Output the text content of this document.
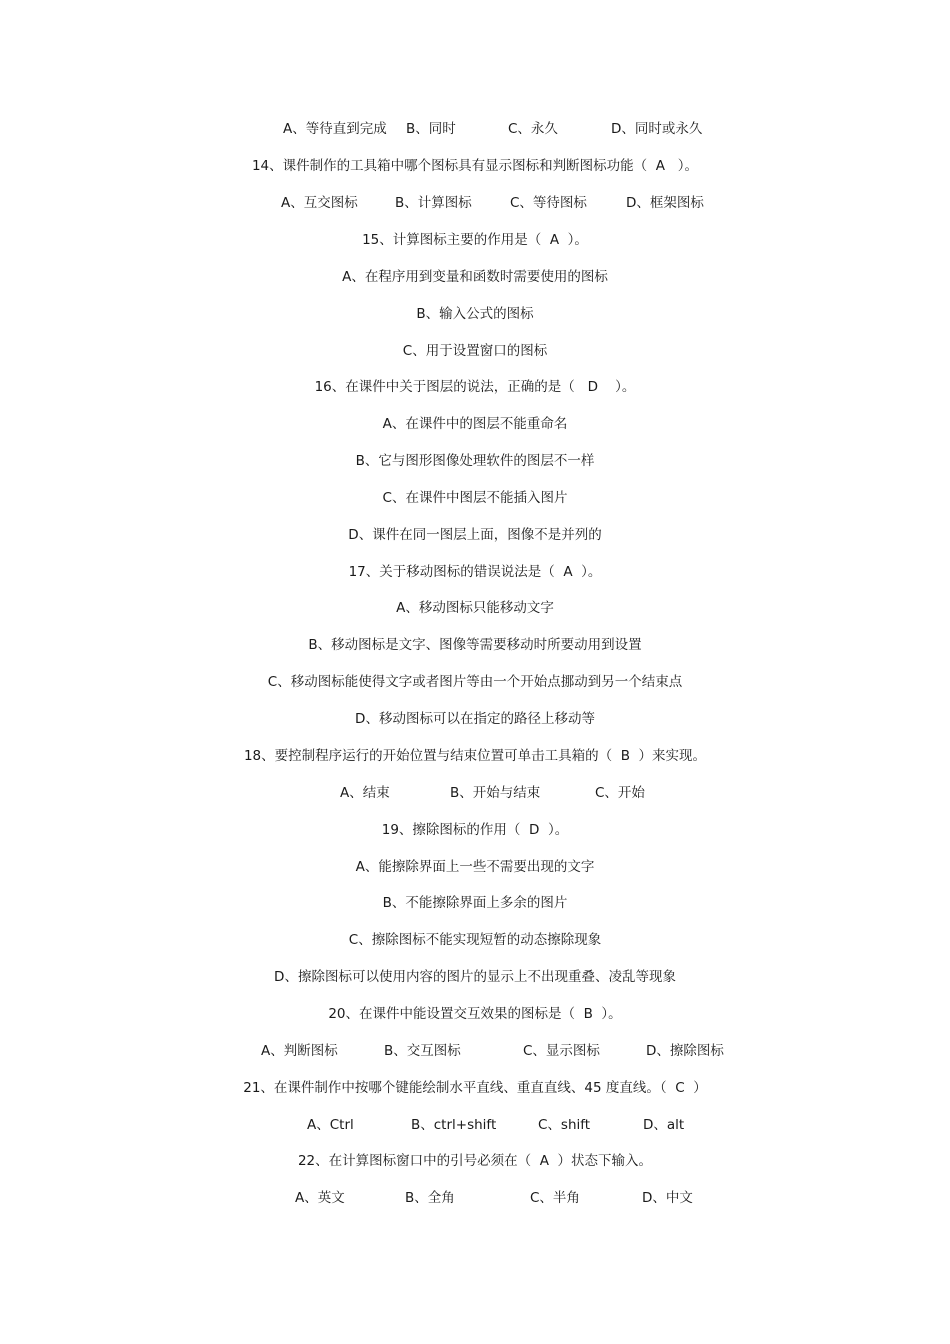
A、等待直到完成 B、同时	C、永久	D、同时或永久
14、课件制作的工具箱中哪个图标具有显示图标和判断图标功能（  A   ）。
A、互交图标	B、计算图标	C、等待图标	D、框架图标
15、计算图标主要的作用是（  A  ）。
A、在程序用到变量和函数时需要使用的图标
B、输入公式的图标
C、用于设置窗口的图标
16、在课件中关于图层的说法，正确的是（   D    ）。
A、在课件中的图层不能重命名
B、它与图形图像处理软件的图层不一样
C、在课件中图层不能插入图片
D、课件在同一图层上面，图像不是并列的
17、关于移动图标的错误说法是（  A  ）。
A、移动图标只能移动文字
B、移动图标是文字、图像等需要移动时所要动用到设置
C、移动图标能使得文字或者图片等由一个开始点挪动到另一个结束点
D、移动图标可以在指定的路径上移动等
18、要控制程序运行的开始位置与结束位置可单击工具箱的（  B  ）来实现。
A、结束	B、开始与结束	C、开始
19、擦除图标的作用（  D  ）。
A、能擦除界面上一些不需要出现的文字
B、不能擦除界面上多余的图片
C、擦除图标不能实现短暂的动态擦除现象
D、擦除图标可以使用内容的图片的显示上不出现重叠、凌乱等现象
20、在课件中能设置交互效果的图标是（  B  ）。
A、判断图标	B、交互图标	C、显示图标	D、擦除图标
21、在课件制作中按哪个键能绘制水平直线、重直直线、45 度直线。（  C  ）
A、Ctrl	B、ctrl+shift	C、shift	D、alt
22、在计算图标窗口中的引号必须在（  A  ）状态下输入。
A、英文	B、全角	C、半角	D、中文
